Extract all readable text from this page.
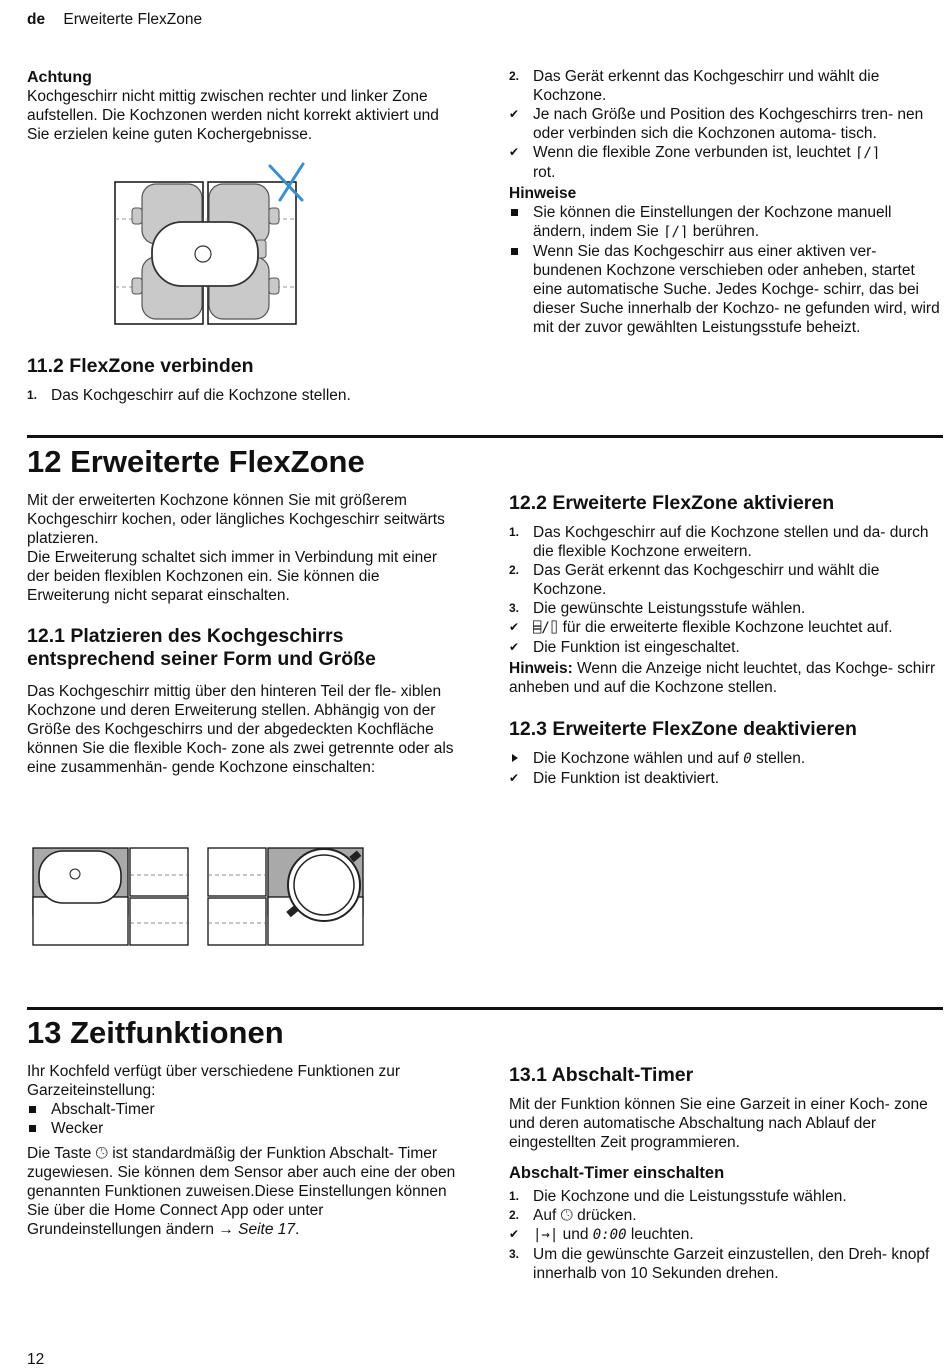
de Erweiterte FlexZone
Achtung
Kochgeschirr nicht mittig zwischen rechter und linker Zone aufstellen. Die Kochzonen werden nicht korrekt aktiviert und Sie erzielen keine guten Kochergebnisse.
11.2 FlexZone verbinden
1. Das Kochgeschirr auf die Kochzone stellen.
2. Das Gerät erkennt das Kochgeschirr und wählt die Kochzone.
✔ Je nach Größe und Position des Kochgeschirrs tren- nen oder verbinden sich die Kochzonen automa- tisch.
✔ Wenn die flexible Zone verbunden ist, leuchtet ⌈∕⌉
rot.
Hinweise
Sie können die Einstellungen der Kochzone manuell ändern, indem Sie ⌈∕⌉ berühren.
Wenn Sie das Kochgeschirr aus einer aktiven ver- bundenen Kochzone verschieben oder anheben, startet eine automatische Suche. Jedes Kochge- schirr, das bei dieser Suche innerhalb der Kochzo- ne gefunden wird, wird mit der zuvor gewählten Leistungsstufe beheizt.
12 Erweiterte FlexZone
Mit der erweiterten Kochzone können Sie mit größerem Kochgeschirr kochen, oder längliches Kochgeschirr seitwärts platzieren.
Die Erweiterung schaltet sich immer in Verbindung mit einer der beiden flexiblen Kochzonen ein. Sie können die Erweiterung nicht separat einschalten.
12.1 Platzieren des Kochgeschirrs entsprechend seiner Form und Größe
Das Kochgeschirr mittig über den hinteren Teil der fle- xiblen Kochzone und deren Erweiterung stellen. Abhängig von der Größe des Kochgeschirrs und der abgedeckten Kochfläche können Sie die flexible Koch- zone als zwei getrennte oder als eine zusammenhän- gende Kochzone einschalten:
12.2 Erweiterte FlexZone aktivieren
1. Das Kochgeschirr auf die Kochzone stellen und da- durch die flexible Kochzone erweitern.
2. Das Gerät erkennt das Kochgeschirr und wählt die Kochzone.
3. Die gewünschte Leistungsstufe wählen.
✔ ⌸/⌷ für die erweiterte flexible Kochzone leuchtet auf.
✔ Die Funktion ist eingeschaltet.
Hinweis: Wenn die Anzeige nicht leuchtet, das Kochge- schirr anheben und auf die Kochzone stellen.
12.3 Erweiterte FlexZone deaktivieren
Die Kochzone wählen und auf 0 stellen.
✔ Die Funktion ist deaktiviert.
13 Zeitfunktionen
Ihr Kochfeld verfügt über verschiedene Funktionen zur Garzeiteinstellung:
Abschalt-Timer
Wecker
Die Taste 🕓︎ ist standardmäßig der Funktion Abschalt- Timer zugewiesen. Sie können dem Sensor aber auch eine der oben genannten Funktionen zuweisen.Diese Einstellungen können Sie über die Home Connect App oder unter Grundeinstellungen ändern → Seite 17.
13.1 Abschalt-Timer
Mit der Funktion können Sie eine Garzeit in einer Koch- zone und deren automatische Abschaltung nach Ablauf der eingestellten Zeit programmieren.
Abschalt-Timer einschalten
1. Die Kochzone und die Leistungsstufe wählen.
2. Auf 🕓︎ drücken.
✔ |→| und 0:00 leuchten.
3. Um die gewünschte Garzeit einzustellen, den Dreh- knopf innerhalb von 10 Sekunden drehen.
12
